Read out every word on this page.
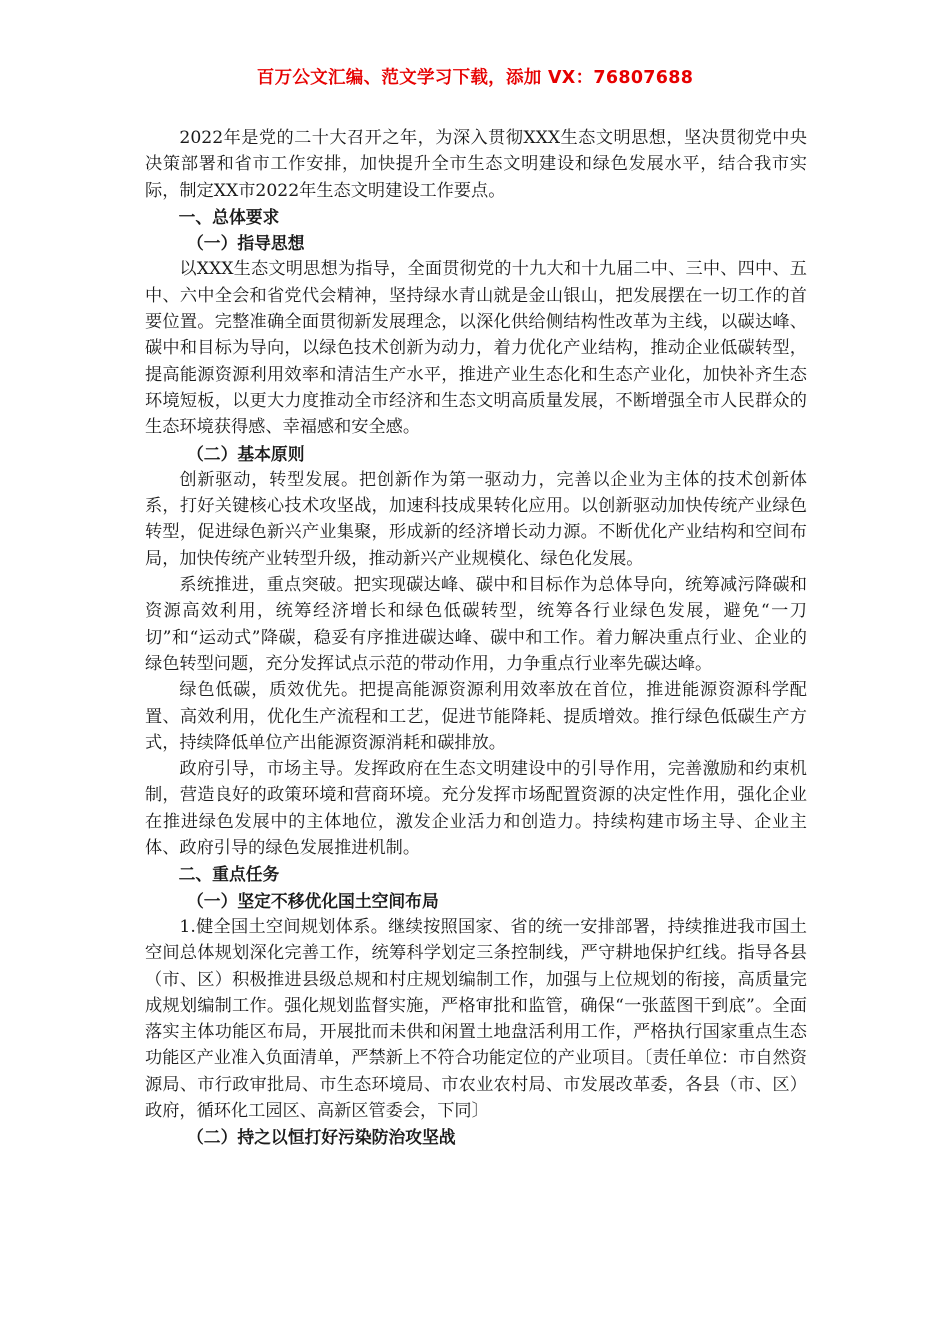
百万公文汇编、范文学习下载，添加 VX：76807688

2022年是党的二十大召开之年，为深入贯彻XXX生态文明思想，坚决贯彻党中央决策部署和省市工作安排，加快提升全市生态文明建设和绿色发展水平，结合我市实际，制定XX市2022年生态文明建设工作要点。

一、总体要求

（一）指导思想

以XXX生态文明思想为指导，全面贯彻党的十九大和十九届二中、三中、四中、五中、六中全会和省党代会精神，坚持绿水青山就是金山银山，把发展摆在一切工作的首要位置。完整准确全面贯彻新发展理念，以深化供给侧结构性改革为主线，以碳达峰、碳中和目标为导向，以绿色技术创新为动力，着力优化产业结构，推动企业低碳转型，提高能源资源利用效率和清洁生产水平，推进产业生态化和生态产业化，加快补齐生态环境短板，以更大力度推动全市经济和生态文明高质量发展，不断增强全市人民群众的生态环境获得感、幸福感和安全感。

（二）基本原则

创新驱动，转型发展。把创新作为第一驱动力，完善以企业为主体的技术创新体系，打好关键核心技术攻坚战，加速科技成果转化应用。以创新驱动加快传统产业绿色转型，促进绿色新兴产业集聚，形成新的经济增长动力源。不断优化产业结构和空间布局，加快传统产业转型升级，推动新兴产业规模化、绿色化发展。

系统推进，重点突破。把实现碳达峰、碳中和目标作为总体导向，统筹减污降碳和资源高效利用，统筹经济增长和绿色低碳转型，统筹各行业绿色发展，避免“一刀切”和“运动式”降碳，稳妥有序推进碳达峰、碳中和工作。着力解决重点行业、企业的绿色转型问题，充分发挥试点示范的带动作用，力争重点行业率先碳达峰。

绿色低碳，质效优先。把提高能源资源利用效率放在首位，推进能源资源科学配置、高效利用，优化生产流程和工艺，促进节能降耗、提质增效。推行绿色低碳生产方式，持续降低单位产出能源资源消耗和碳排放。

政府引导，市场主导。发挥政府在生态文明建设中的引导作用，完善激励和约束机制，营造良好的政策环境和营商环境。充分发挥市场配置资源的决定性作用，强化企业在推进绿色发展中的主体地位，激发企业活力和创造力。持续构建市场主导、企业主体、政府引导的绿色发展推进机制。

二、重点任务

（一）坚定不移优化国土空间布局

1.健全国土空间规划体系。继续按照国家、省的统一安排部署，持续推进我市国土空间总体规划深化完善工作，统筹科学划定三条控制线，严守耕地保护红线。指导各县（市、区）积极推进县级总规和村庄规划编制工作，加强与上位规划的衔接，高质量完成规划编制工作。强化规划监督实施，严格审批和监管，确保“一张蓝图干到底”。全面落实主体功能区布局，开展批而未供和闲置土地盘活利用工作，严格执行国家重点生态功能区产业准入负面清单，严禁新上不符合功能定位的产业项目。〔责任单位：市自然资源局、市行政审批局、市生态环境局、市农业农村局、市发展改革委，各县（市、区）政府，循环化工园区、高新区管委会，下同〕

（二）持之以恒打好污染防治攻坚战
